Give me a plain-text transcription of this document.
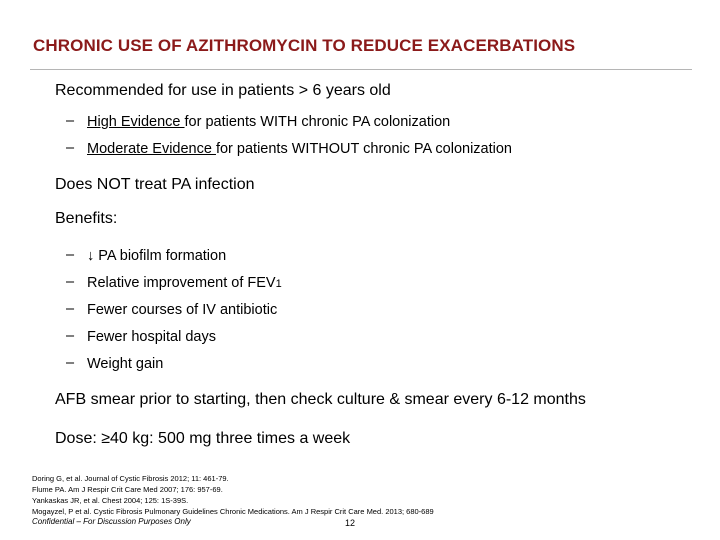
CHRONIC USE OF AZITHROMYCIN TO REDUCE EXACERBATIONS
Recommended for use in patients > 6 years old
– High Evidence for patients WITH chronic PA colonization
– Moderate Evidence for patients WITHOUT chronic PA colonization
Does NOT treat PA infection
Benefits:
– ↓ PA biofilm formation
– Relative improvement of FEV1
– Fewer courses of IV antibiotic
– Fewer hospital days
– Weight gain
AFB smear prior to starting, then check culture & smear every 6-12 months
Dose: ≥40 kg: 500 mg three times a week
Doring G, et al. Journal of Cystic Fibrosis 2012; 11: 461-79.
Flume PA. Am J Respir Crit Care Med 2007; 176: 957-69.
Yankaskas JR, et al. Chest 2004; 125: 1S-39S.
Mogayzel, P et al. Cystic Fibrosis Pulmonary Guidelines Chronic Medications. Am J Respir Crit Care Med. 2013; 680-689
Confidential – For Discussion Purposes Only	12
